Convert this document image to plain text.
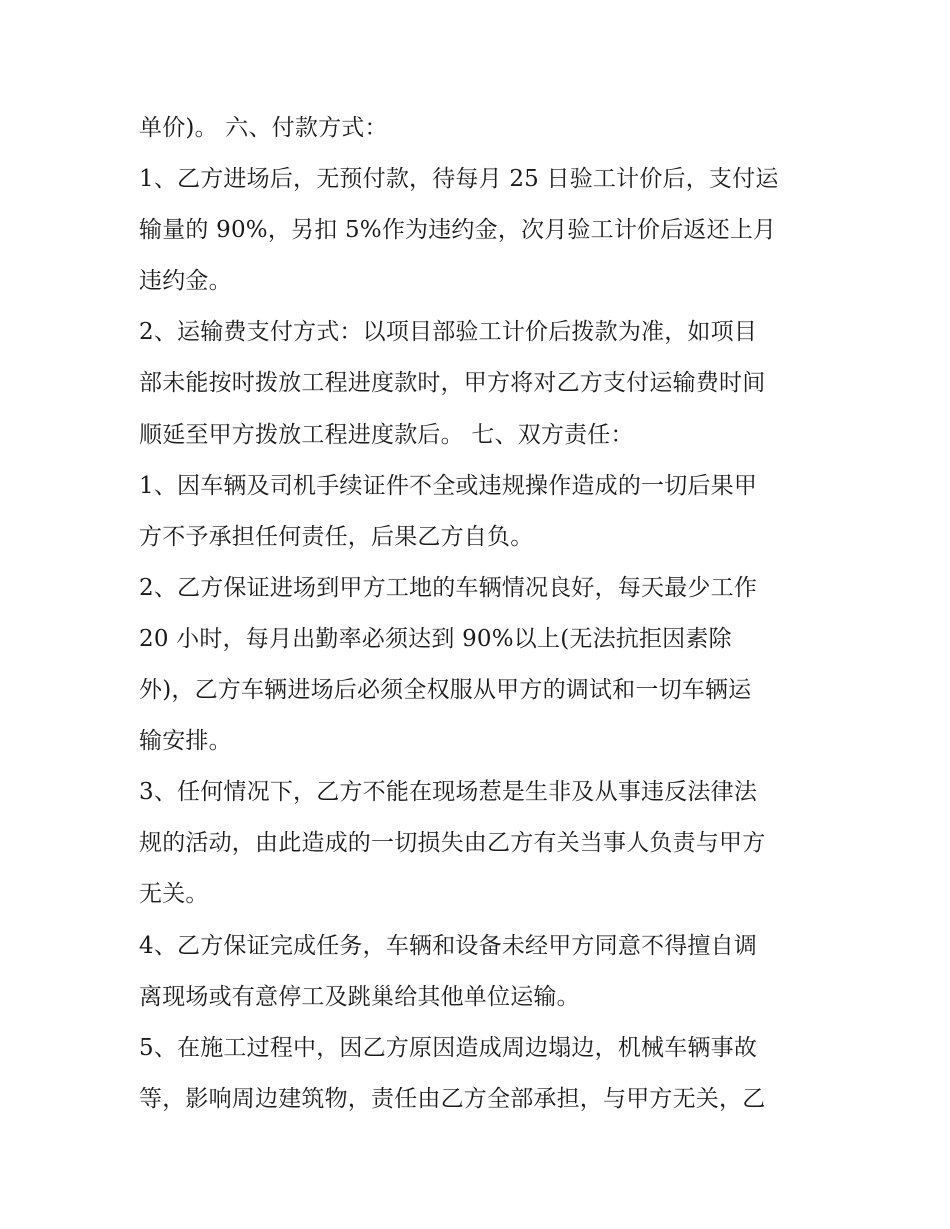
单价)。 六、付款方式：
1、乙方进场后，无预付款，待每月 25 日验工计价后，支付运
输量的 90%，另扣 5%作为违约金，次月验工计价后返还上月
违约金。
2、运输费支付方式：以项目部验工计价后拨款为准，如项目
部未能按时拨放工程进度款时，甲方将对乙方支付运输费时间
顺延至甲方拨放工程进度款后。 七、双方责任：
1、因车辆及司机手续证件不全或违规操作造成的一切后果甲
方不予承担任何责任，后果乙方自负。
2、乙方保证进场到甲方工地的车辆情况良好，每天最少工作
20 小时，每月出勤率必须达到 90%以上(无法抗拒因素除
外)，乙方车辆进场后必须全权服从甲方的调试和一切车辆运
输安排。
3、任何情况下，乙方不能在现场惹是生非及从事违反法律法
规的活动，由此造成的一切损失由乙方有关当事人负责与甲方
无关。
4、乙方保证完成任务，车辆和设备未经甲方同意不得擅自调
离现场或有意停工及跳巢给其他单位运输。
5、在施工过程中，因乙方原因造成周边塌边，机械车辆事故
等，影响周边建筑物，责任由乙方全部承担，与甲方无关，乙
